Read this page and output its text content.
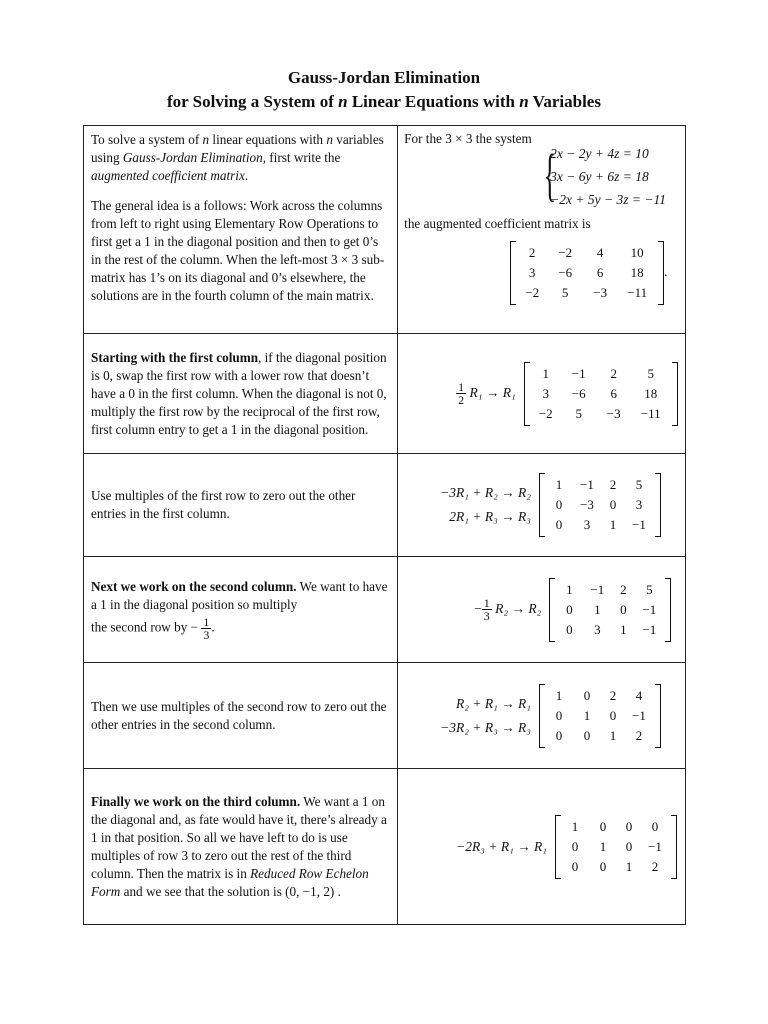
Gauss-Jordan Elimination
for Solving a System of n Linear Equations with n Variables
To solve a system of n linear equations with n variables using Gauss-Jordan Elimination, first write the augmented coefficient matrix.
The general idea is a follows: Work across the columns from left to right using Elementary Row Operations to first get a 1 in the diagonal position and then to get 0’s in the rest of the column. When the left-most 3 × 3 sub-matrix has 1’s on its diagonal and 0’s elsewhere, the solutions are in the fourth column of the main matrix.

For the 3 × 3 the system
{ 2x − 2y + 4z = 10
3x − 6y + 6z = 18
−2x + 5y − 3z = −11
the augmented coefficient matrix is
2	−2	4	10
3	−6	6	18
−2	5	−3	−11
.

Starting with the first column, if the diagonal position is 0, swap the first row with a lower row that doesn’t have a 0 in the first column. When the diagonal is not 0, multiply the first row by the reciprocal of the first row, first column entry to get a 1 in the diagonal position.	
$\frac{1}{2} R_1 \to R_1$
1	−1	2	5
3	−6	6	18
−2	5	−3	−11

Use multiples of the first row to zero out the other entries in the first column.	
−3R₁ + R₂ → R₂
2R₁ + R₃ → R₃
1	−1	2	5
0	−3	0	3
0	3	1	−1

Next we work on the second column. We want to have a 1 in the diagonal position so multiply
the second row by − $\frac{1}{3}$ .

− $\frac{1}{3} R_2 \to R_2$
1	−1	2	5
0	1	0	−1
0	3	1	−1

Then we use multiples of the second row to zero out the other entries in the second column.	
R₂ + R₁ → R₁
−3R₂ + R₃ → R₃
1	0	2	4
0	1	0	−1
0	0	1	2

Finally we work on the third column. We want a 1 on the diagonal and, as fate would have it, there’s already a 1 in that position. So all we have left to do is use multiples of row 3 to zero out the rest of the third column. Then the matrix is in Reduced Row Echelon Form and we see that the solution is (0, −1, 2) .	
−2R₃ + R₁ → R₁
1	0	0	0
0	1	0	−1
0	0	1	2
